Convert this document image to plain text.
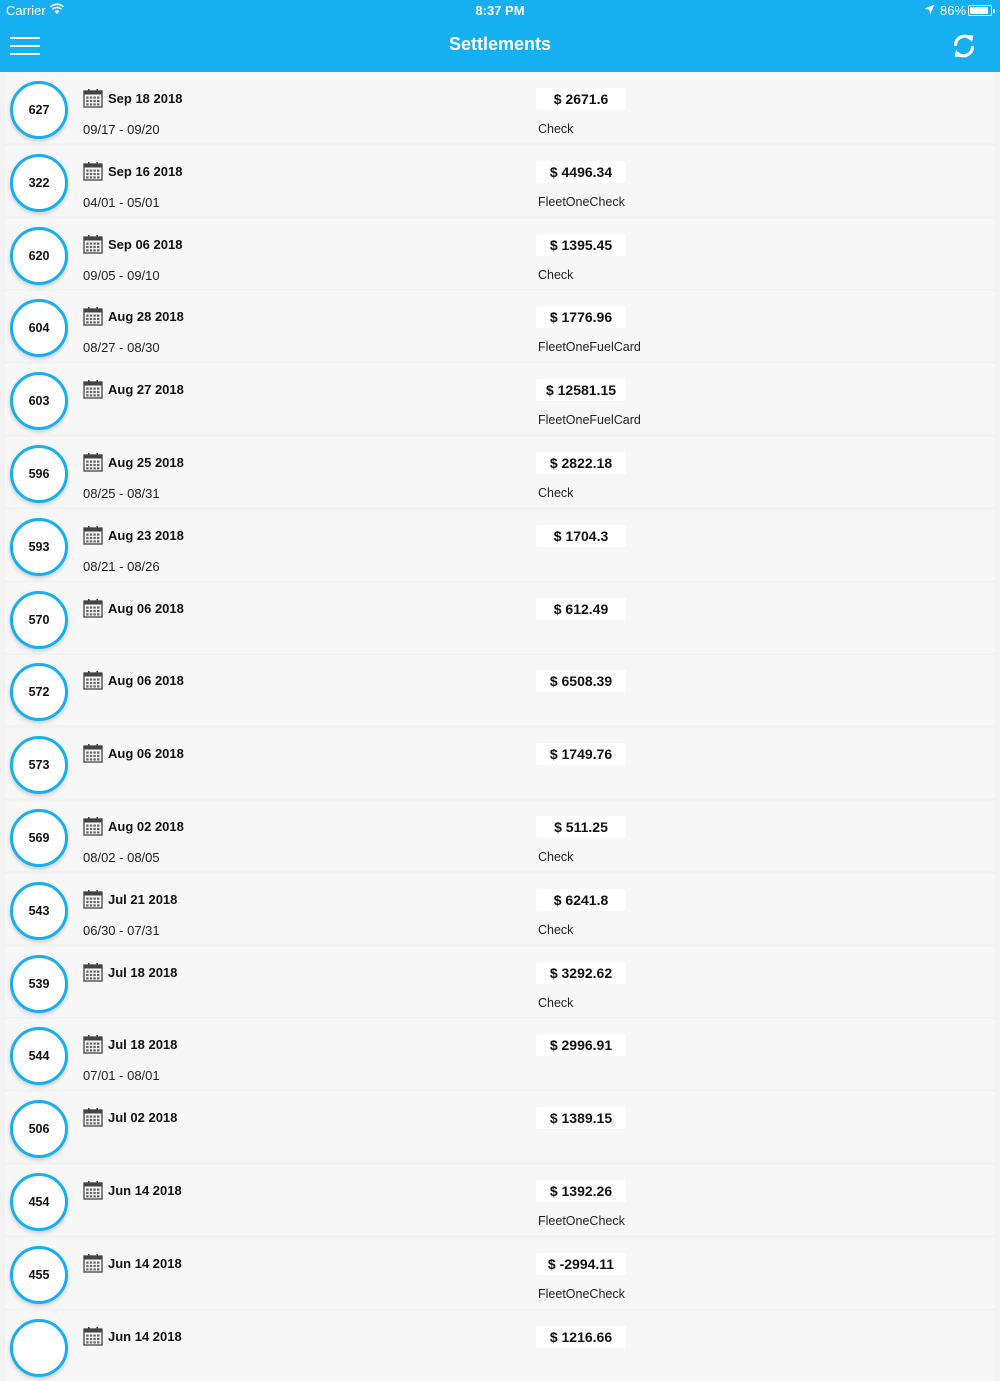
Carrier	8:37 PM	86%
Settlements
627
Sep 18 2018
09/17 - 09/20
$ 2671.6
Check
322
Sep 16 2018
04/01 - 05/01
$ 4496.34
FleetOneCheck
620
Sep 06 2018
09/05 - 09/10
$ 1395.45
Check
604
Aug 28 2018
08/27 - 08/30
$ 1776.96
FleetOneFuelCard
603
Aug 27 2018	$ 12581.15
FleetOneFuelCard
596
Aug 25 2018
08/25 - 08/31
$ 2822.18
Check
593
Aug 23 2018
08/21 - 08/26
$ 1704.3
570
Aug 06 2018	$ 612.49
572
Aug 06 2018	$ 6508.39
573
Aug 06 2018	$ 1749.76
569
Aug 02 2018
08/02 - 08/05
$ 511.25
Check
543
Jul 21 2018
06/30 - 07/31
$ 6241.8
Check
539
Jul 18 2018	$ 3292.62
Check
544
Jul 18 2018
07/01 - 08/01
$ 2996.91
506
Jul 02 2018	$ 1389.15
454
Jun 14 2018	$ 1392.26
FleetOneCheck
455
Jun 14 2018	$ -2994.11
FleetOneCheck
Jun 14 2018	$ 1216.66
